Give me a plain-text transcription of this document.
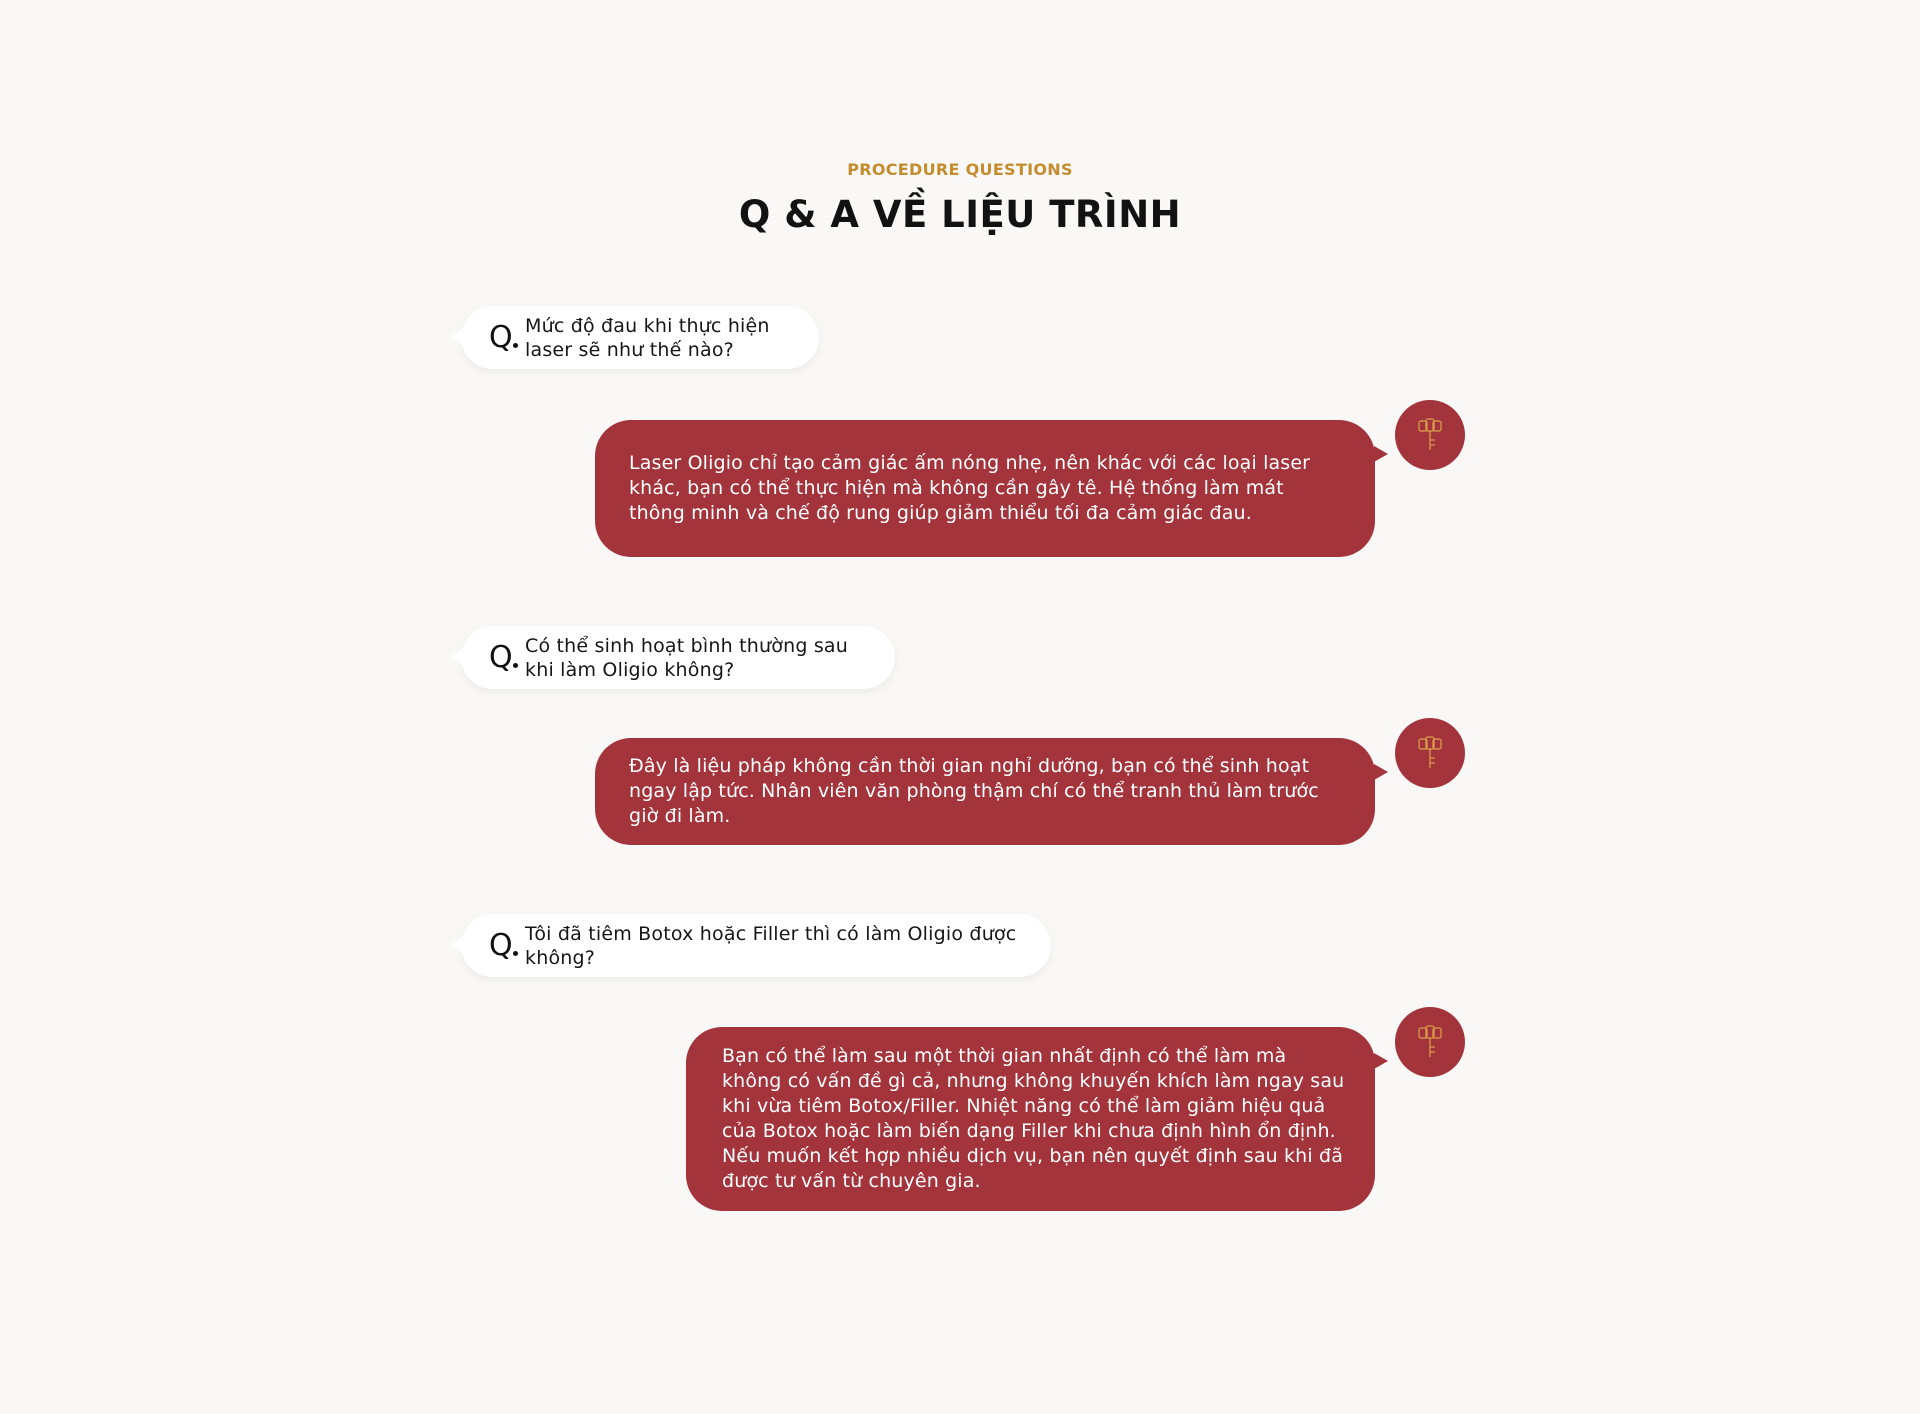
PROCEDURE QUESTIONS
Q & A VỀ LIỆU TRÌNH
Q Mức độ đau khi thực hiện laser sẽ như thế nào?
Laser Oligio chỉ tạo cảm giác ấm nóng nhẹ, nên khác với các loại laser khác, bạn có thể thực hiện mà không cần gây tê. Hệ thống làm mát thông minh và chế độ rung giúp giảm thiểu tối đa cảm giác đau.
Q Có thể sinh hoạt bình thường sau khi làm Oligio không?
Đây là liệu pháp không cần thời gian nghỉ dưỡng, bạn có thể sinh hoạt ngay lập tức. Nhân viên văn phòng thậm chí có thể tranh thủ làm trước giờ đi làm.
Q Tôi đã tiêm Botox hoặc Filler thì có làm Oligio được không?
Bạn có thể làm sau một thời gian nhất định có thể làm mà không có vấn đề gì cả, nhưng không khuyến khích làm ngay sau khi vừa tiêm Botox/Filler. Nhiệt năng có thể làm giảm hiệu quả của Botox hoặc làm biến dạng Filler khi chưa định hình ổn định. Nếu muốn kết hợp nhiều dịch vụ, bạn nên quyết định sau khi đã được tư vấn từ chuyên gia.
